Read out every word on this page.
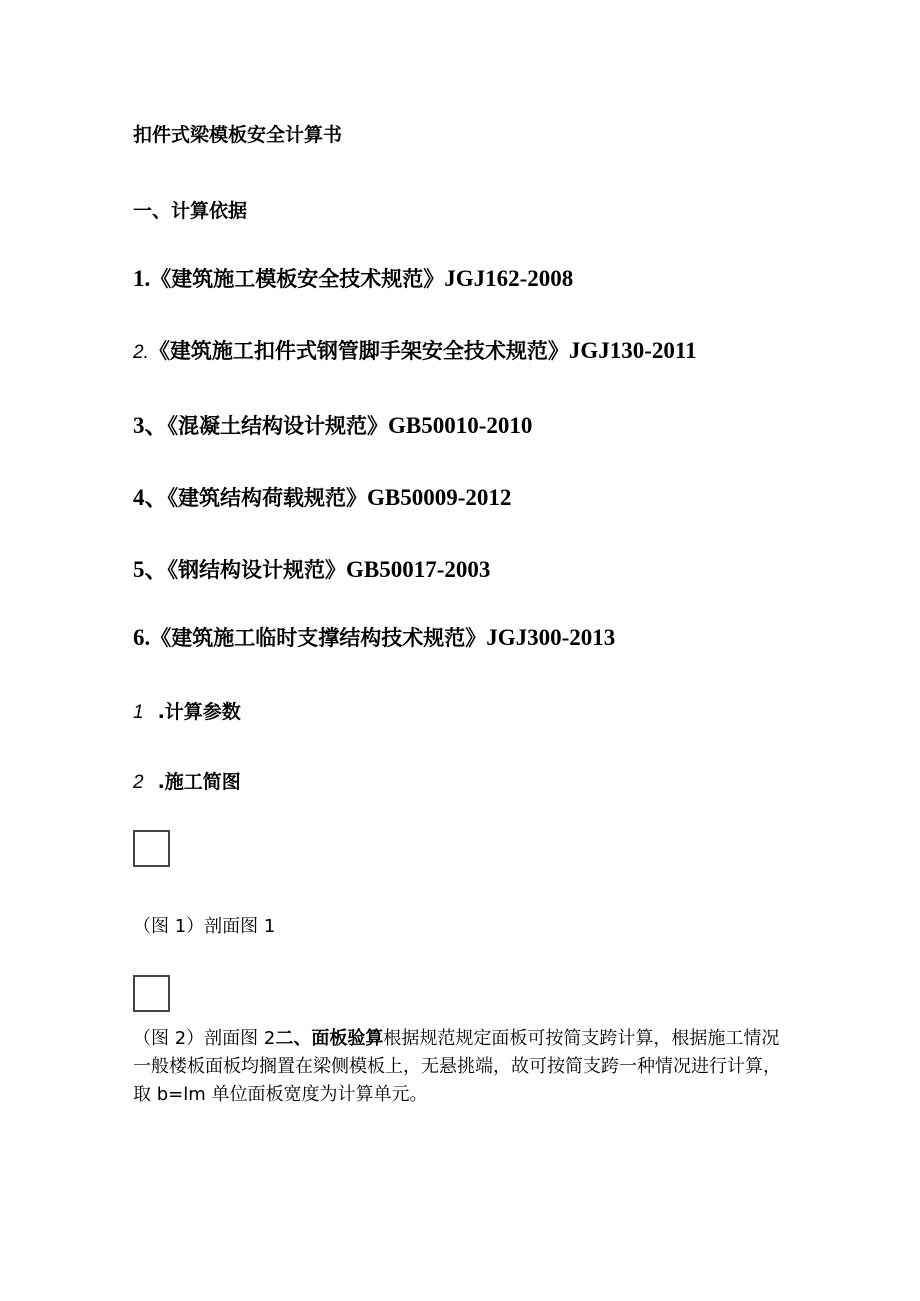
扣件式梁模板安全计算书
一、计算依据
1.《建筑施工模板安全技术规范》JGJ162-2008
2.《建筑施工扣件式钢管脚手架安全技术规范》JGJ130-2011
3、《混凝土结构设计规范》GB50010-2010
4、《建筑结构荷载规范》GB50009-2012
5、《钢结构设计规范》GB50017-2003
6.《建筑施工临时支撑结构技术规范》JGJ300-2013
1 .计算参数
2 .施工简图
（图 1）剖面图 1
（图 2）剖面图 2二、面板验算根据规范规定面板可按简支跨计算，根据施工情况一般楼板面板均搁置在梁侧模板上，无悬挑端，故可按简支跨一种情况进行计算，取 b=lm 单位面板宽度为计算单元。
